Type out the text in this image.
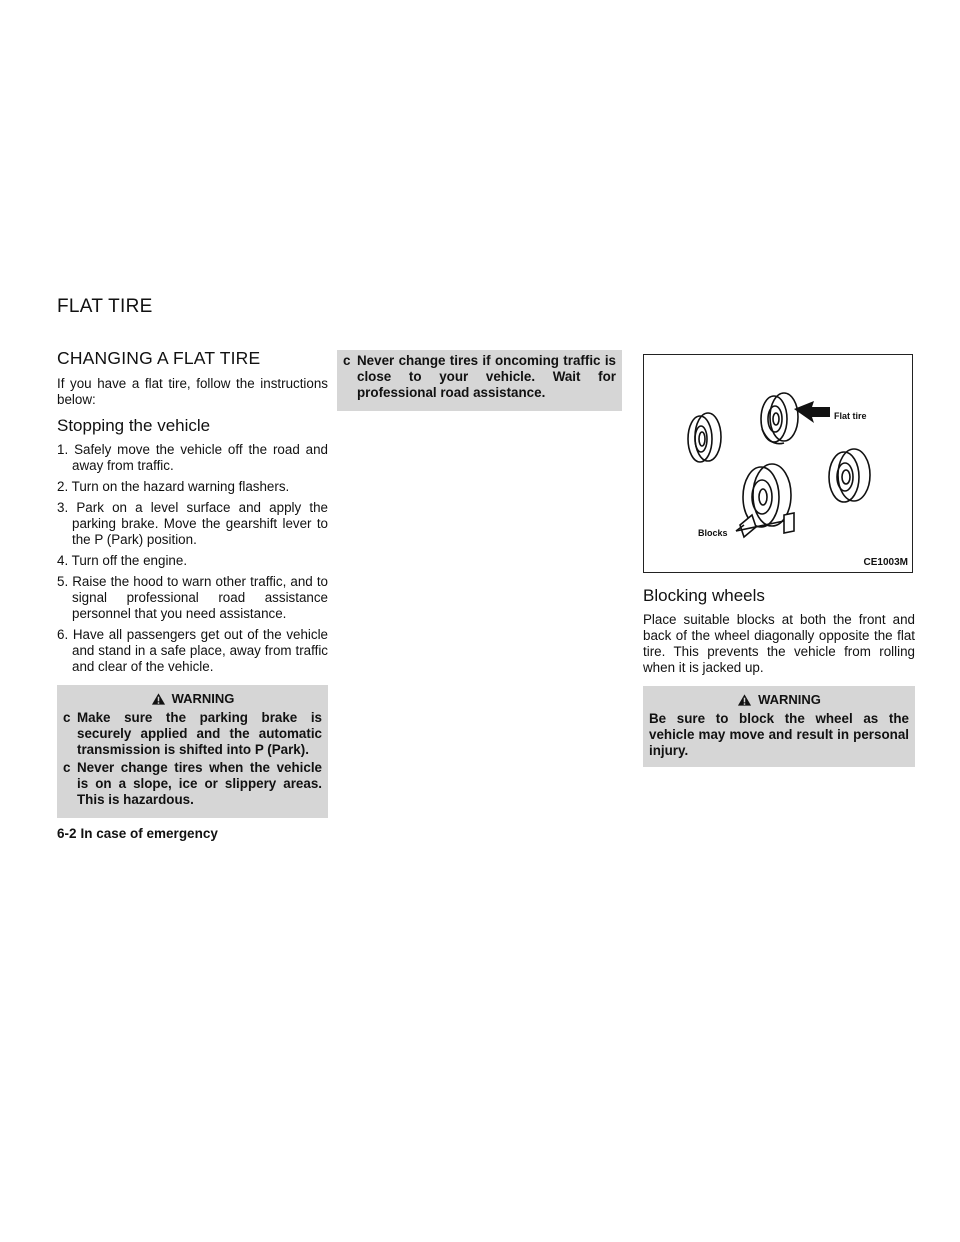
FLAT TIRE
CHANGING A FLAT TIRE

If you have a flat tire, follow the instructions below:

Stopping the vehicle
1. Safely move the vehicle off the road and away from traffic.
2. Turn on the hazard warning flashers.
3. Park on a level surface and apply the parking brake. Move the gearshift lever to the P (Park) position.
4. Turn off the engine.
5. Raise the hood to warn other traffic, and to signal professional road assistance personnel that you need assistance.
6. Have all passengers get out of the vehicle and stand in a safe place, away from traffic and clear of the vehicle.
WARNING
c Make sure the parking brake is securely applied and the automatic transmission is shifted into P (Park).
c Never change tires when the vehicle is on a slope, ice or slippery areas. This is hazardous.
c Never change tires if oncoming traffic is close to your vehicle. Wait for professional road assistance.
Flat tire
Blocks
CE1003M
Blocking wheels

Place suitable blocks at both the front and back of the wheel diagonally opposite the flat tire. This prevents the vehicle from rolling when it is jacked up.

WARNING
Be sure to block the wheel as the vehicle may move and result in personal injury.
6-2 In case of emergency
